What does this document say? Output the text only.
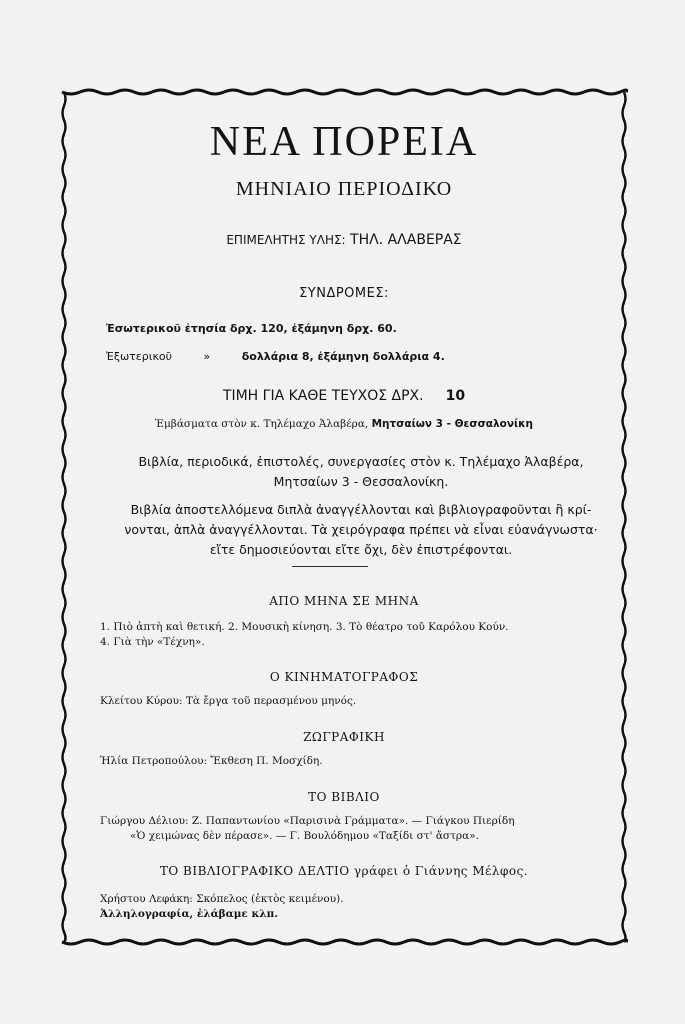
ΝΕΑ ΠΟΡΕΙΑ
ΜΗΝΙΑΙΟ ΠΕΡΙΟΔΙΚΟ
ΕΠΙΜΕΛΗΤΗΣ ΥΛΗΣ: ΤΗΛ. ΑΛΑΒΕΡΑΣ
ΣΥΝΔΡΟΜΕΣ:
Ἐσωτερικοῦ ἐτησία δρχ. 120, ἑξάμηνη δρχ. 60.
Ἐξωτερικοῦ	»	δολλάρια 8, ἑξάμηνη δολλάρια 4.
ΤΙΜΗ ΓΙΑ ΚΑΘΕ ΤΕΥΧΟΣ ΔΡΧ. 10
Ἐμβάσματα στὸν κ. Τηλέμαχο Ἀλαβέρα, Μητσαίων 3 - Θεσσαλονίκη
Βιβλία, περιοδικά, ἐπιστολές, συνεργασίες στὸν κ. Τηλέμαχο Ἀλαβέρα,
Μητσαίων 3 - Θεσσαλονίκη.
Βιβλία ἀποστελλόμενα διπλὰ ἀναγγέλλονται καὶ βιβλιογραφοῦνται ἢ κρί-
νονται, ἁπλὰ ἀναγγέλλονται. Τὰ χειρόγραφα πρέπει νὰ εἶναι εὐανάγνωστα·
εἴτε δημοσιεύονται εἴτε ὄχι, δὲν ἐπιστρέφονται.
ΑΠΟ ΜΗΝΑ ΣΕ ΜΗΝΑ
1. Πιὸ ἁπτὴ καὶ θετική. 2. Μουσικὴ κίνηση. 3. Τὸ θέατρο τοῦ Καρόλου Κούν.
4. Γιὰ τὴν «Τέχνη».
Ο ΚΙΝΗΜΑΤΟΓΡΑΦΟΣ
Κλείτου Κύρου: Τὰ ἔργα τοῦ περασμένου μηνός.
ΖΩΓΡΑΦΙΚΗ
Ἠλία Πετροπούλου: Ἔκθεση Π. Μοσχίδη.
ΤΟ ΒΙΒΛΙΟ
Γιώργου Δέλιου: Ζ. Παπαντωνίου «Παρισινὰ Γράμματα». — Γιάγκου Πιερίδη
«Ὁ χειμώνας δὲν πέρασε». — Γ. Βουλόδημου «Ταξίδι στ' ἄστρα».
ΤΟ ΒΙΒΛΙΟΓΡΑΦΙΚΟ ΔΕΛΤΙΟ γράφει ὁ Γιάννης Μέλφος.
Χρήστου Λεφάκη: Σκόπελος (ἐκτὸς κειμένου).
Ἀλληλογραφία, ἐλάβαμε κλπ.
